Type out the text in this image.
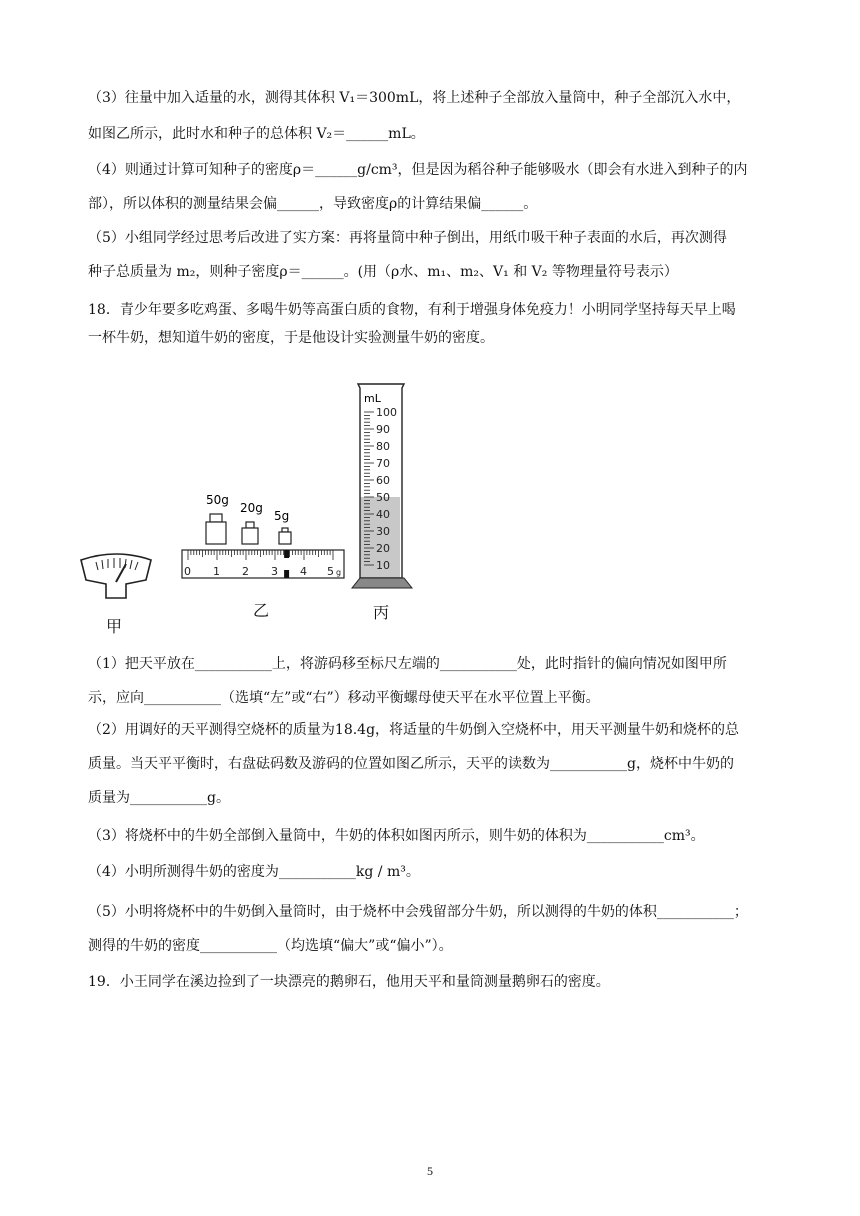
（3）往量中加入适量的水，测得其体积 V₁＝300mL，将上述种子全部放入量筒中，种子全部沉入水中，
如图乙所示，此时水和种子的总体积 V₂＝______mL。
（4）则通过计算可知种子的密度ρ＝______g/cm³，但是因为稻谷种子能够吸水（即会有水进入到种子的内
部），所以体积的测量结果会偏______，导致密度ρ的计算结果偏______。
（5）小组同学经过思考后改进了实方案：再将量筒中种子倒出，用纸巾吸干种子表面的水后，再次测得
种子总质量为 m₂，则种子密度ρ＝______。(用（ρ水、m₁、m₂、V₁ 和 V₂ 等物理量符号表示）
18．青少年要多吃鸡蛋、多喝牛奶等高蛋白质的食物，有利于增强身体免疫力！小明同学坚持每天早上喝
一杯牛奶，想知道牛奶的密度，于是他设计实验测量牛奶的密度。
甲
50g
20g
5g
0 1 2 3 4 5 g
乙
mL
100
90
80
70
60
50
40
30
20
10
丙
（1）把天平放在___________上，将游码移至标尺左端的___________处，此时指针的偏向情况如图甲所
示，应向___________（选填“左”或“右”）移动平衡螺母使天平在水平位置上平衡。
（2）用调好的天平测得空烧杯的质量为18.4g，将适量的牛奶倒入空烧杯中，用天平测量牛奶和烧杯的总
质量。当天平平衡时，右盘砝码数及游码的位置如图乙所示，天平的读数为___________g，烧杯中牛奶的
质量为___________g。
（3）将烧杯中的牛奶全部倒入量筒中，牛奶的体积如图丙所示，则牛奶的体积为___________cm³。
（4）小明所测得牛奶的密度为___________kg / m³。
（5）小明将烧杯中的牛奶倒入量筒时，由于烧杯中会残留部分牛奶，所以测得的牛奶的体积___________；
测得的牛奶的密度___________（均选填“偏大”或“偏小”）。
19．小王同学在溪边捡到了一块漂亮的鹅卵石，他用天平和量筒测量鹅卵石的密度。
5
